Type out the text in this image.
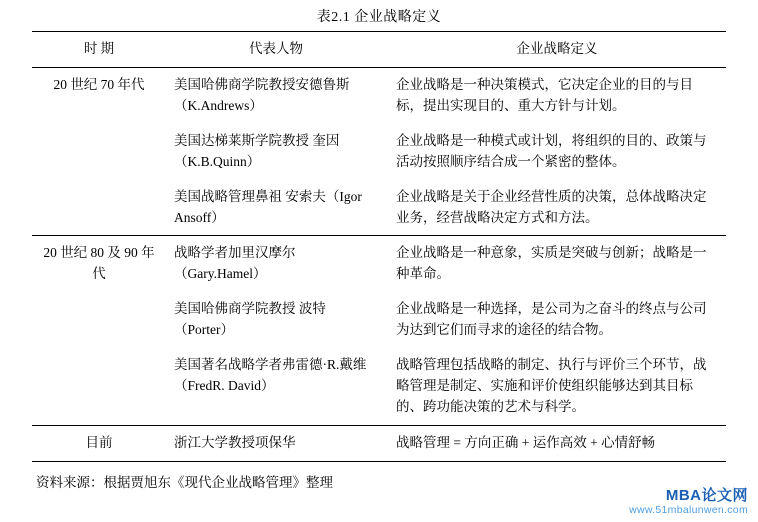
表2.1 企业战略定义
时 期	代表人物	企业战略定义
20 世纪 70 年代	美国哈佛商学院教授安德鲁斯（K.Andrews）	企业战略是一种决策模式，它决定企业的目的与目标，提出实现目的、重大方针与计划。
	美国达梯莱斯学院教授 奎因（K.B.Quinn）	企业战略是一种模式或计划，将组织的目的、政策与活动按照顺序结合成一个紧密的整体。
	美国战略管理鼻祖 安索夫（Igor Ansoff）	企业战略是关于企业经营性质的决策，总体战略决定业务，经营战略决定方式和方法。
20 世纪 80 及 90 年 代	战略学者加里汉摩尔（Gary.Hamel）	企业战略是一种意象，实质是突破与创新；战略是一种革命。
	美国哈佛商学院教授 波特（Porter）	企业战略是一种选择，是公司为之奋斗的终点与公司为达到它们而寻求的途径的结合物。
	美国著名战略学者弗雷德·R.戴维（FredR. David）	战略管理包括战略的制定、执行与评价三个环节，战略管理是制定、实施和评价使组织能够达到其目标的、跨功能决策的艺术与科学。
目前	浙江大学教授项保华	战略管理 = 方向正确 + 运作高效 + 心情舒畅
资料来源：根据贾旭东《现代企业战略管理》整理
MBA论文网
www.51mbalunwen.com
